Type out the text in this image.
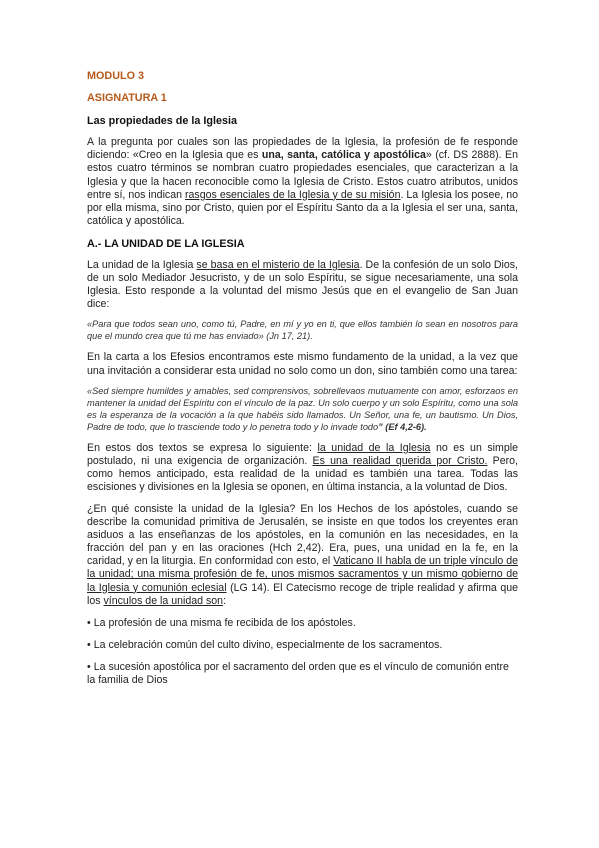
MODULO 3
ASIGNATURA 1
Las propiedades de la Iglesia

A la pregunta por cuales son las propiedades de la Iglesia, la profesión de fe responde diciendo: «Creo en la Iglesia que es una, santa, católica y apostólica» (cf. DS 2888). En estos cuatro términos se nombran cuatro propiedades esenciales, que caracterizan a la Iglesia y que la hacen reconocible como la Iglesia de Cristo. Estos cuatro atributos, unidos entre sí, nos indican rasgos esenciales de la Iglesia y de su misión. La Iglesia los posee, no por ella misma, sino por Cristo, quien por el Espíritu Santo da a la Iglesia el ser una, santa, católica y apostólica.

A.- LA UNIDAD DE LA IGLESIA

La unidad de la Iglesia se basa en el misterio de la Iglesia. De la confesión de un solo Dios, de un solo Mediador Jesucristo, y de un solo Espíritu, se sigue necesariamente, una sola Iglesia. Esto responde a la voluntad del mismo Jesús que en el evangelio de San Juan dice:

«Para que todos sean uno, como tú, Padre, en mí y yo en ti, que ellos también lo sean en nosotros para que el mundo crea que tú me has enviado» (Jn 17, 21).

En la carta a los Efesios encontramos este mismo fundamento de la unidad, a la vez que una invitación a considerar esta unidad no solo como un don, sino también como una tarea:

«Sed siempre humildes y amables, sed comprensivos, sobrellevaos mutuamente con amor, esforzaos en mantener la unidad del Espíritu con el vínculo de la paz. Un solo cuerpo y un solo Espíritu, como una sola es la esperanza de la vocación a la que habéis sido llamados. Un Señor, una fe, un bautismo. Un Dios, Padre de todo, que lo trasciende todo y lo penetra todo y lo invade todo” (Ef 4,2-6).

En estos dos textos se expresa lo siguiente: la unidad de la Iglesia no es un simple postulado, ni una exigencia de organización. Es una realidad querida por Cristo. Pero, como hemos anticipado, esta realidad de la unidad es también una tarea. Todas las escisiones y divisiones en la Iglesia se oponen, en última instancia, a la voluntad de Dios.

¿En qué consiste la unidad de la Iglesia? En los Hechos de los apóstoles, cuando se describe la comunidad primitiva de Jerusalén, se insiste en que todos los creyentes eran asiduos a las enseñanzas de los apóstoles, en la comunión en las necesidades, en la fracción del pan y en las oraciones (Hch 2,42). Era, pues, una unidad en la fe, en la caridad, y en la liturgia. En conformidad con esto, el Vaticano II habla de un triple vínculo de la unidad; una misma profesión de fe, unos mismos sacramentos y un mismo gobierno de la Iglesia y comunión eclesial (LG 14). El Catecismo recoge de triple realidad y afirma que los vínculos de la unidad son:

• La profesión de una misma fe recibida de los apóstoles.

• La celebración común del culto divino, especialmente de los sacramentos.

• La sucesión apostólica por el sacramento del orden que es el vínculo de comunión entre la familia de Dios
